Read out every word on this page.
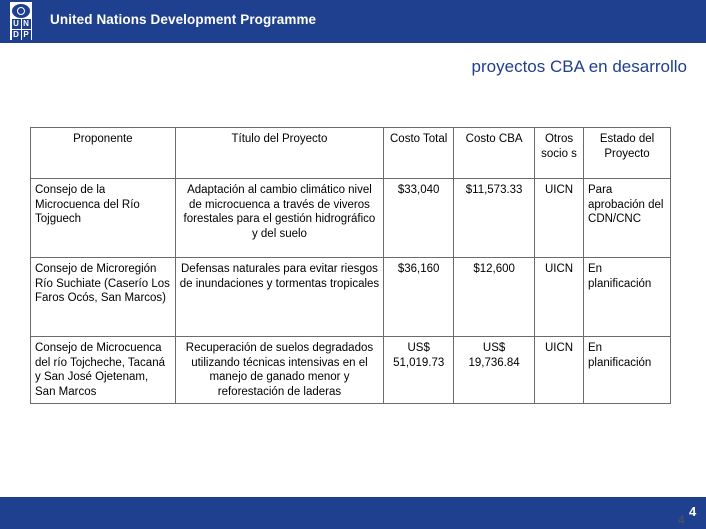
U N
D P
United Nations Development Programme
proyectos CBA en desarrollo
Proponente	Título del Proyecto	Costo Total	Costo CBA	Otros socio s	Estado del Proyecto
Consejo de la Microcuenca del Río Tojguech	Adaptación al cambio climático nivel de microcuenca a través de viveros forestales para el gestión hidrográfico y del suelo	$33,040	$11,573.33	UICN	Para aprobación del CDN/CNC
Consejo de Microregión Río Suchiate (Caserío Los Faros Ocós, San Marcos)	Defensas naturales para evitar riesgos de inundaciones y tormentas tropicales	$36,160	$12,600	UICN	En planificación
Consejo de Microcuenca del río Tojcheche, Tacaná y San José Ojetenam, San Marcos	Recuperación de suelos degradados utilizando técnicas intensivas en el manejo de ganado menor y reforestación de laderas	US$ 51,019.73	US$ 19,736.84	UICN	En planificación
4
4
